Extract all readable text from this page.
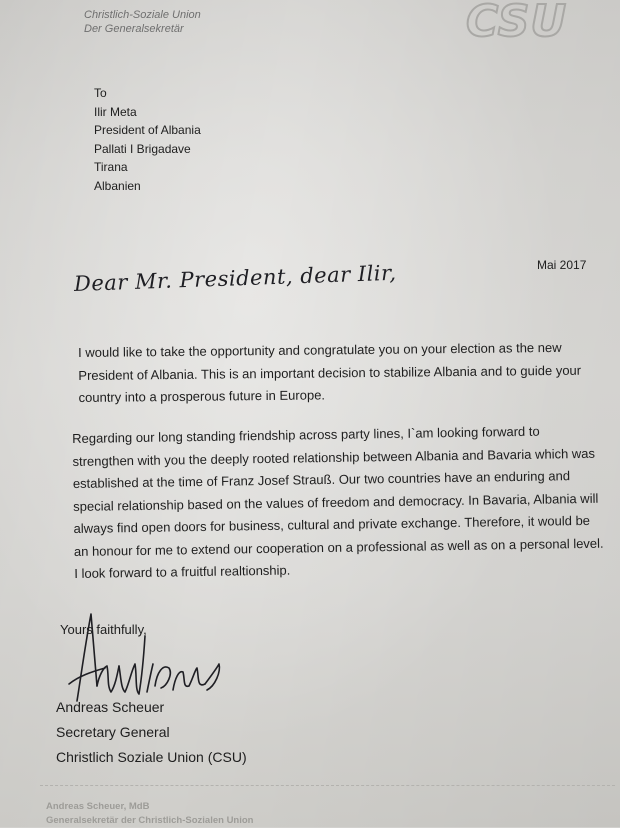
Christlich-Soziale Union
Der Generalsekretär	CSU
To
Ilir Meta
President of Albania
Pallati I Brigadave
Tirana
Albanien
Mai 2017
Dear Mr. President, dear Ilir,
I would like to take the opportunity and congratulate you on your election as the new President of Albania. This is an important decision to stabilize Albania and to guide your country into a prosperous future in Europe.
Regarding our long standing friendship across party lines, I`am looking forward to strengthen with you the deeply rooted relationship between Albania and Bavaria which was established at the time of Franz Josef Strauß. Our two countries have an enduring and special relationship based on the values of freedom and democracy. In Bavaria, Albania will always find open doors for business, cultural and private exchange. Therefore, it would be an honour for me to extend our cooperation on a professional as well as on a personal level. I look forward to a fruitful realtionship.
Yours faithfully,
Andreas Scheuer
Secretary General
Christlich Soziale Union (CSU)
Andreas Scheuer, MdB
Generalsekretär der Christlich-Sozialen Union
